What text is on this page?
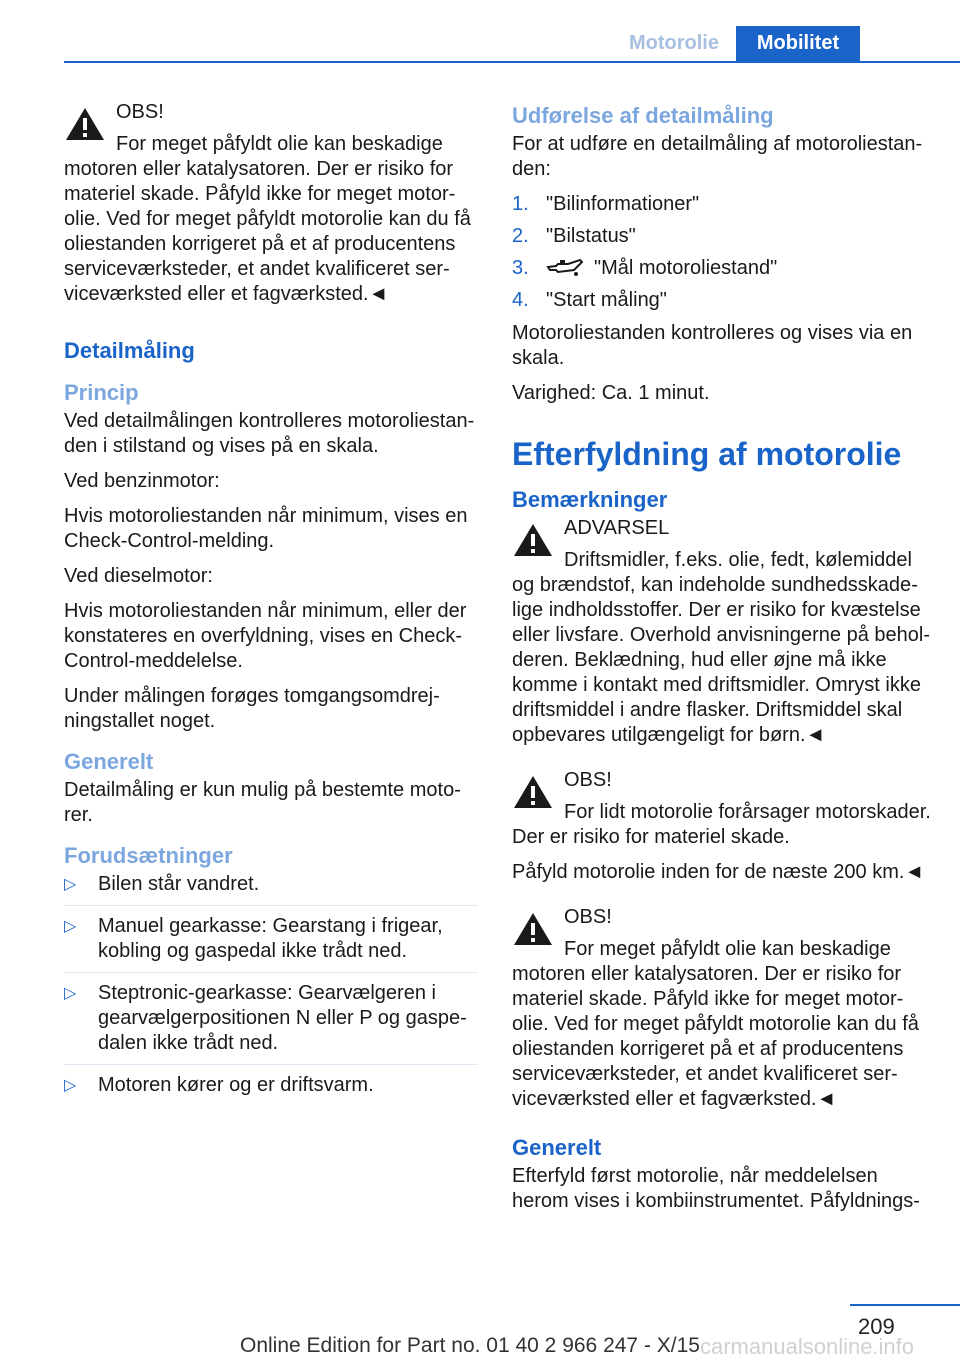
Motorolie	Mobilitet
OBS!

For meget påfyldt olie kan beskadige motoren eller katalysatoren. Der er risiko for materiel skade. Påfyld ikke for meget motorolie. Ved for meget påfyldt motorolie kan du få oliestanden korrigeret på et af producentens serviceværksteder, et andet kvalificeret serviceværksted eller et fagværksted.◄

Detailmåling
Princip

Ved detailmålingen kontrolleres motoroliestanden i stilstand og vises på en skala.

Ved benzinmotor:

Hvis motoroliestanden når minimum, vises en Check-Control-melding.

Ved dieselmotor:

Hvis motoroliestanden når minimum, eller der konstateres en overfyldning, vises en Check-Control-meddelelse.

Under målingen forøges tomgangsomdrejningstallet noget.

Generelt

Detailmåling er kun mulig på bestemte motorer.

Forudsætninger
▷ Bilen står vandret.
▷ Manuel gearkasse: Gearstang i frigear, kobling og gaspedal ikke trådt ned.
▷ Steptronic-gearkasse: Gearvælgeren i gearvælgerpositionen N eller P og gaspedalen ikke trådt ned.
▷ Motoren kører og er driftsvarm.
Udførelse af detailmåling

For at udføre en detailmåling af motoroliestanden:

1. "Bilinformationer"
2. "Bilstatus"
3.	"Mål motoroliestand"
4. "Start måling"

Motoroliestanden kontrolleres og vises via en skala.

Varighed: Ca. 1 minut.

Efterfyldning af motorolie
Bemærkninger
ADVARSEL

Driftsmidler, f.eks. olie, fedt, kølemiddel og brændstof, kan indeholde sundhedsskadelige indholdsstoffer. Der er risiko for kvæstelse eller livsfare. Overhold anvisningerne på beholderen. Beklædning, hud eller øjne må ikke komme i kontakt med driftsmidler. Omryst ikke driftsmiddel i andre flasker. Driftsmiddel skal opbevares utilgængeligt for børn.◄

OBS!

For lidt motorolie forårsager motorskader. Der er risiko for materiel skade.

Påfyld motorolie inden for de næste 200 km.◄

OBS!

For meget påfyldt olie kan beskadige motoren eller katalysatoren. Der er risiko for materiel skade. Påfyld ikke for meget motorolie. Ved for meget påfyldt motorolie kan du få oliestanden korrigeret på et af producentens serviceværksteder, et andet kvalificeret serviceværksted eller et fagværksted.◄

Generelt

Efterfyld først motorolie, når meddelelsen herom vises i kombiinstrumentet. Påfyldnings-

209
Online Edition for Part no. 01 40 2 966 247 - X/15 carmanualsonline.info
